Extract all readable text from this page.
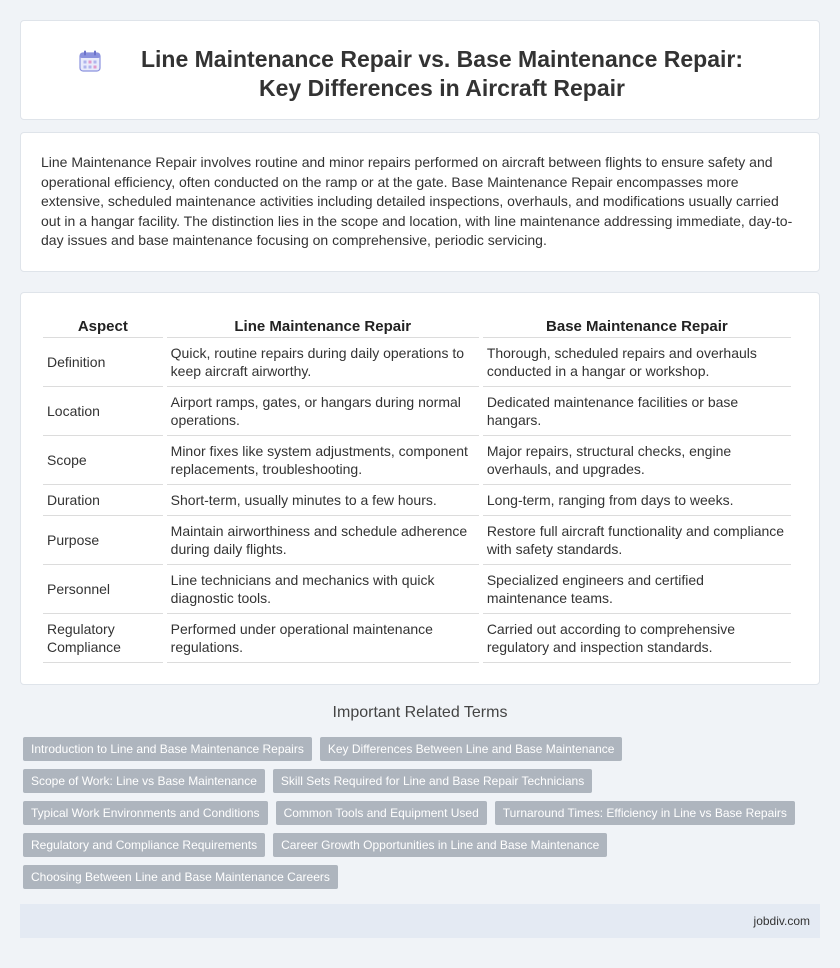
Line Maintenance Repair vs. Base Maintenance Repair: Key Differences in Aircraft Repair

Line Maintenance Repair involves routine and minor repairs performed on aircraft between flights to ensure safety and operational efficiency, often conducted on the ramp or at the gate. Base Maintenance Repair encompasses more extensive, scheduled maintenance activities including detailed inspections, overhauls, and modifications usually carried out in a hangar facility. The distinction lies in the scope and location, with line maintenance addressing immediate, day-to-day issues and base maintenance focusing on comprehensive, periodic servicing.

Aspect	Line Maintenance Repair	Base Maintenance Repair
Definition	Quick, routine repairs during daily operations to keep aircraft airworthy.	Thorough, scheduled repairs and overhauls conducted in a hangar or workshop.
Location	Airport ramps, gates, or hangars during normal operations.	Dedicated maintenance facilities or base hangars.
Scope	Minor fixes like system adjustments, component replacements, troubleshooting.	Major repairs, structural checks, engine overhauls, and upgrades.
Duration	Short-term, usually minutes to a few hours.	Long-term, ranging from days to weeks.
Purpose	Maintain airworthiness and schedule adherence during daily flights.	Restore full aircraft functionality and compliance with safety standards.
Personnel	Line technicians and mechanics with quick diagnostic tools.	Specialized engineers and certified maintenance teams.
Regulatory Compliance	Performed under operational maintenance regulations.	Carried out according to comprehensive regulatory and inspection standards.
Important Related Terms
Introduction to Line and Base Maintenance Repairs	Key Differences Between Line and Base Maintenance
Scope of Work: Line vs Base Maintenance	Skill Sets Required for Line and Base Repair Technicians
Typical Work Environments and Conditions	Common Tools and Equipment Used	Turnaround Times: Efficiency in Line vs Base Repairs
Regulatory and Compliance Requirements	Career Growth Opportunities in Line and Base Maintenance
Choosing Between Line and Base Maintenance Careers
jobdiv.com
